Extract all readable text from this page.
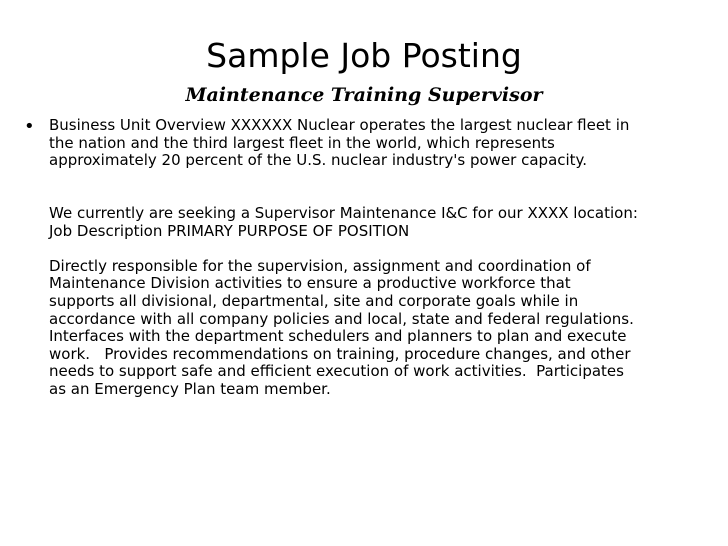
Sample Job Posting
Maintenance Training Supervisor
• Business Unit Overview XXXXXX Nuclear operates the largest nuclear fleet in
the nation and the third largest fleet in the world, which represents
approximately 20 percent of the U.S. nuclear industry's power capacity.
We currently are seeking a Supervisor Maintenance I&C for our XXXX location:
Job Description PRIMARY PURPOSE OF POSITION
Directly responsible for the supervision, assignment and coordination of
Maintenance Division activities to ensure a productive workforce that
supports all divisional, departmental, site and corporate goals while in
accordance with all company policies and local, state and federal regulations.
Interfaces with the department schedulers and planners to plan and execute
work.   Provides recommendations on training, procedure changes, and other
needs to support safe and efficient execution of work activities.  Participates
as an Emergency Plan team member.
